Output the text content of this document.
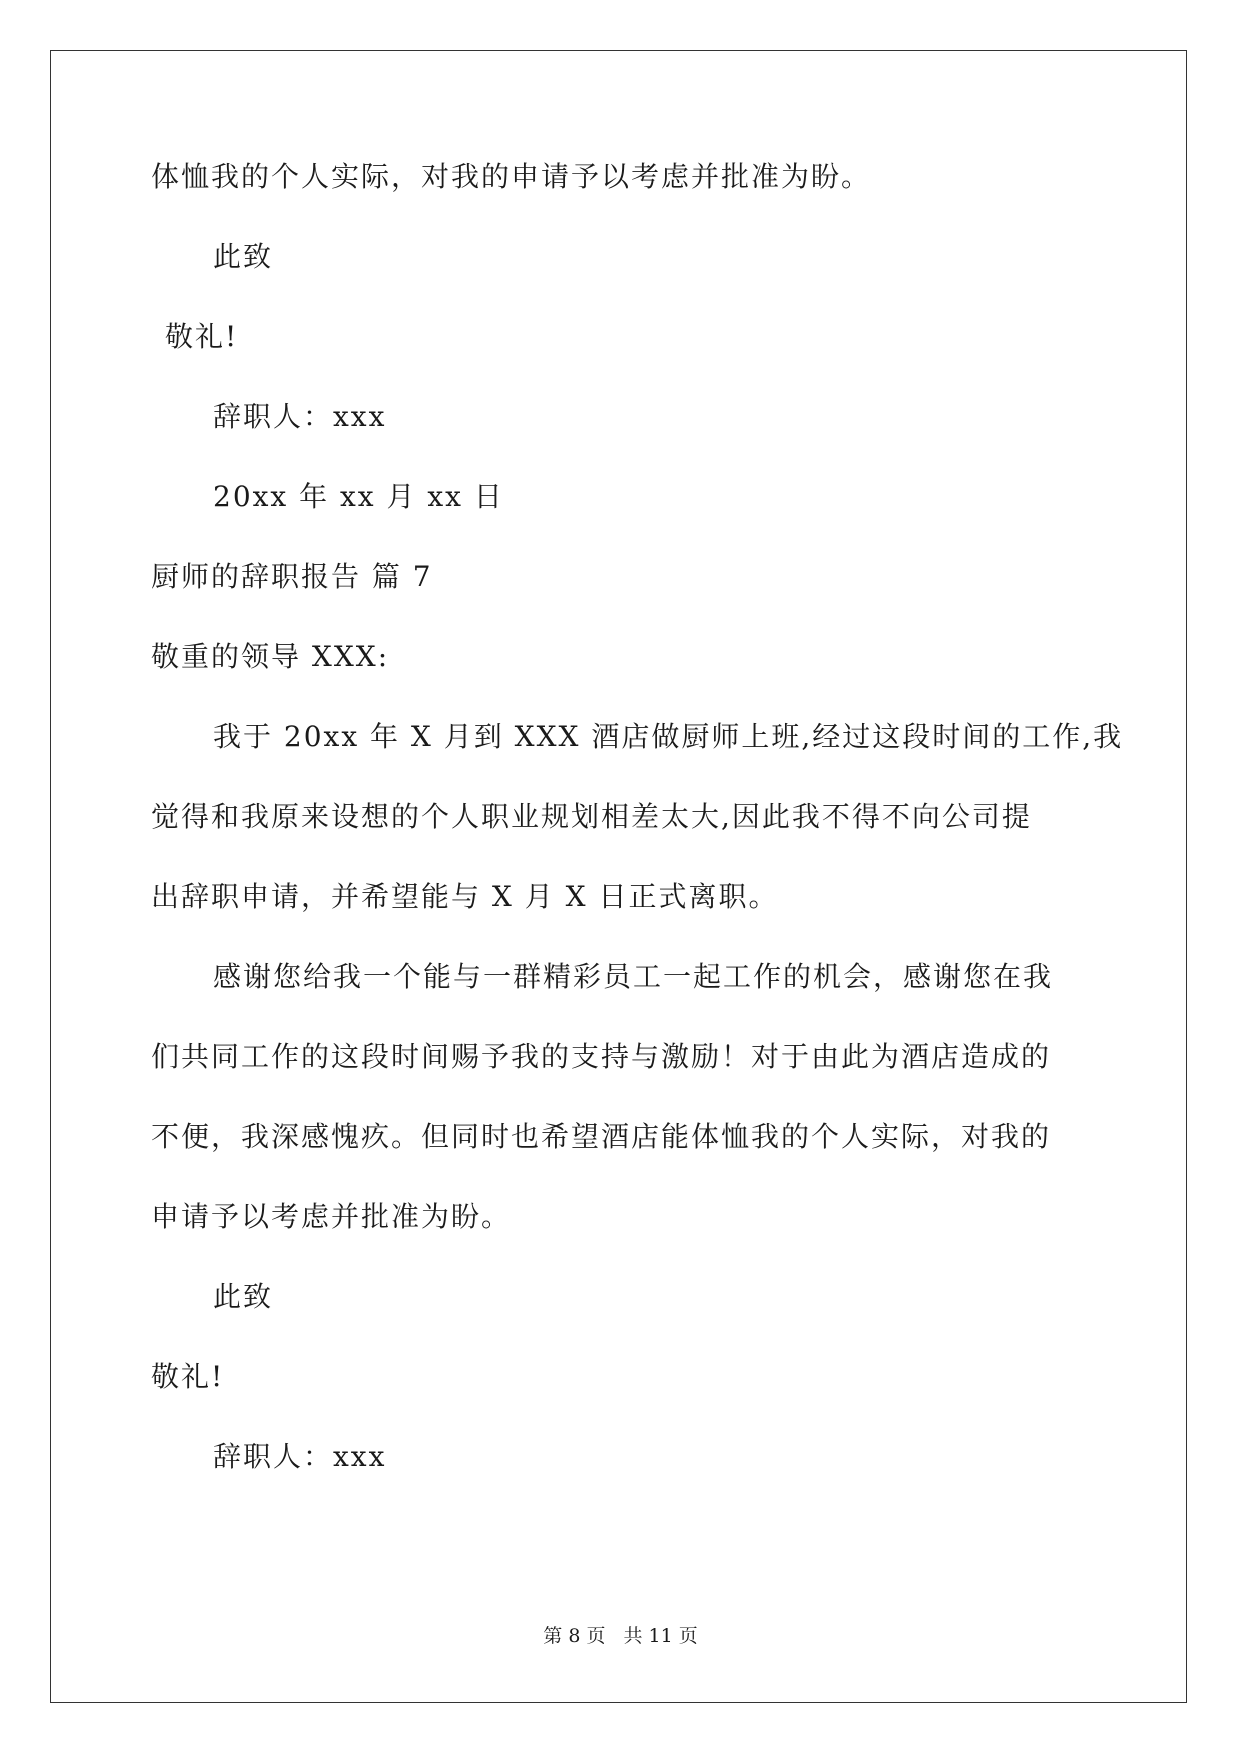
体恤我的个人实际，对我的申请予以考虑并批准为盼。

此致

敬礼!

辞职人：xxx

20xx 年 xx 月 xx 日

厨师的辞职报告 篇 7

敬重的领导 XXX:

我于 20xx 年 X 月到 XXX 酒店做厨师上班,经过这段时间的工作,我

觉得和我原来设想的个人职业规划相差太大,因此我不得不向公司提

出辞职申请，并希望能与 X 月 X 日正式离职。

感谢您给我一个能与一群精彩员工一起工作的机会，感谢您在我

们共同工作的这段时间赐予我的支持与激励！对于由此为酒店造成的

不便，我深感愧疚。但同时也希望酒店能体恤我的个人实际，对我的

申请予以考虑并批准为盼。

此致

敬礼!

辞职人：xxx

第 8 页 共 11 页
